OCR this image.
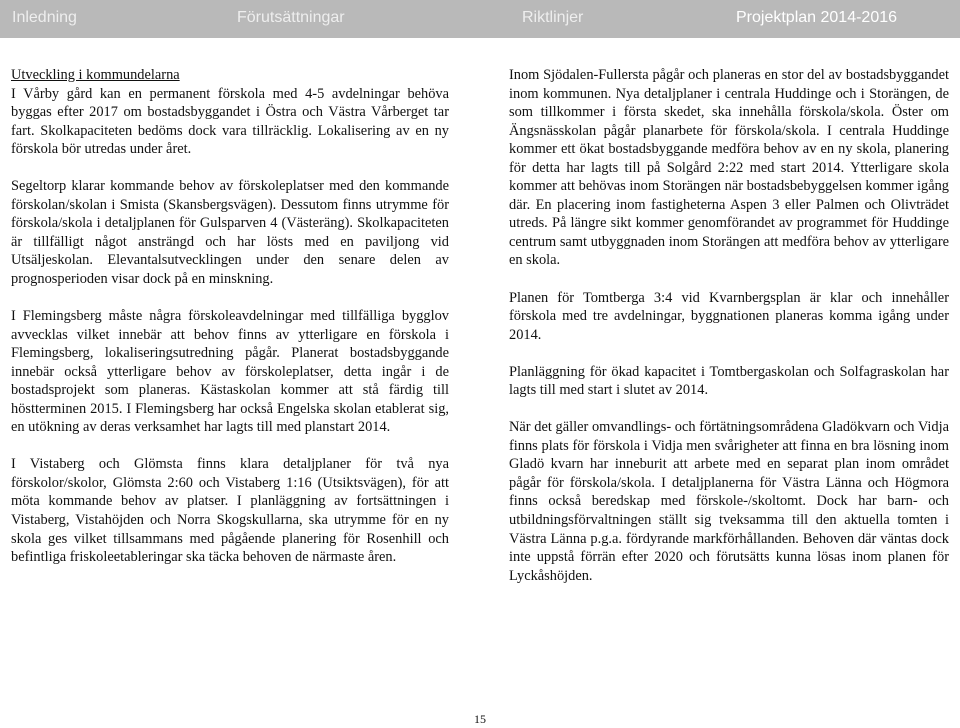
Inledning	Förutsättningar	Riktlinjer	Projektplan 2014-2016
Utveckling i kommundelarna

I Vårby gård kan en permanent förskola med 4-5 avdelningar behöva byggas efter 2017 om bostadsbyggandet i Östra och Västra Vårberget tar fart. Skolkapaciteten bedöms dock vara tillräcklig. Lokalisering av en ny förskola bör utredas under året.

Segeltorp klarar kommande behov av förskoleplatser med den kommande förskolan/skolan i Smista (Skansbergsvägen). Dessutom finns utrymme för förskola/skola i detaljplanen för Gulsparven 4 (Västeräng). Skolkapaciteten är tillfälligt något ansträngd och har lösts med en paviljong vid Utsäljeskolan. Elevantalsutvecklingen under den senare delen av prognosperioden visar dock på en minskning.

I Flemingsberg måste några förskoleavdelningar med tillfälliga bygglov avvecklas vilket innebär att behov finns av ytterligare en förskola i Flemingsberg, lokaliseringsutredning pågår. Planerat bostadsbyggande innebär också ytterligare behov av förskoleplatser, detta ingår i de bostadsprojekt som planeras. Kästaskolan kommer att stå färdig till höstterminen 2015. I Flemingsberg har också Engelska skolan etablerat sig, en utökning av deras verksamhet har lagts till med planstart 2014.

I Vistaberg och Glömsta finns klara detaljplaner för två nya förskolor/skolor, Glömsta 2:60 och Vistaberg 1:16 (Utsiktsvägen), för att möta kommande behov av platser. I planläggning av fortsättningen i Vistaberg, Vistahöjden och Norra Skogskullarna, ska utrymme för en ny skola ges vilket tillsammans med pågående planering för Rosenhill och befintliga friskoleetableringar ska täcka behoven de närmaste åren.

Inom Sjödalen-Fullersta pågår och planeras en stor del av bostadsbyggandet inom kommunen. Nya detaljplaner i centrala Huddinge och i Storängen, de som tillkommer i första skedet, ska innehålla förskola/skola. Öster om Ängsnässkolan pågår planarbete för förskola/skola. I centrala Huddinge kommer ett ökat bostadsbyggande medföra behov av en ny skola, planering för detta har lagts till på Solgård 2:22 med start 2014. Ytterligare skola kommer att behövas inom Storängen när bostadsbebyggelsen kommer igång där. En placering inom fastigheterna Aspen 3 eller Palmen och Olivträdet utreds. På längre sikt kommer genomförandet av programmet för Huddinge centrum samt utbyggnaden inom Storängen att medföra behov av ytterligare en skola.

Planen för Tomtberga 3:4 vid Kvarnbergsplan är klar och innehåller förskola med tre avdelningar, byggnationen planeras komma igång under 2014.

Planläggning för ökad kapacitet i Tomtbergaskolan och Solfagraskolan har lagts till med start i slutet av 2014.

När det gäller omvandlings- och förtätningsområdena Gladökvarn och Vidja finns plats för förskola i Vidja men svårigheter att finna en bra lösning inom Gladö kvarn har inneburit att arbete med en separat plan inom området pågår för förskola/skola. I detaljplanerna för Västra Länna och Högmora finns också beredskap med förskole-/skoltomt. Dock har barn- och utbildningsförvaltningen ställt sig tveksamma till den aktuella tomten i Västra Länna p.g.a. fördyrande markförhållanden. Behoven där väntas dock inte uppstå förrän efter 2020 och förutsätts kunna lösas inom planen för Lyckåshöjden.

15
